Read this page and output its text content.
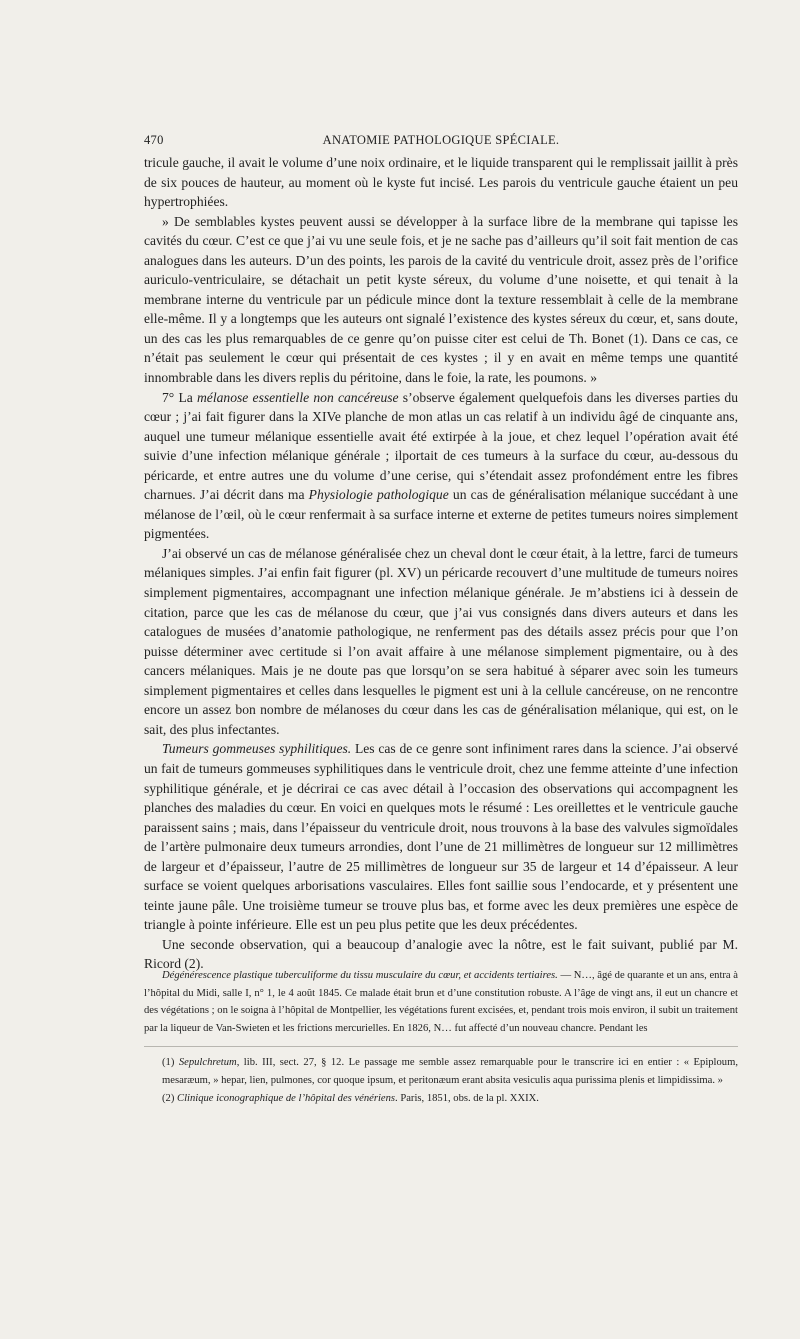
470	ANATOMIE PATHOLOGIQUE SPÉCIALE.

tricule gauche, il avait le volume d’une noix ordinaire, et le liquide transparent qui le remplissait jaillit à près de six pouces de hauteur, au moment où le kyste fut incisé. Les parois du ventricule gauche étaient un peu hypertrophiées.

» De semblables kystes peuvent aussi se développer à la surface libre de la membrane qui tapisse les cavités du cœur. C’est ce que j’ai vu une seule fois, et je ne sache pas d’ailleurs qu’il soit fait mention de cas analogues dans les auteurs. D’un des points, les parois de la cavité du ventricule droit, assez près de l’orifice auriculo-ventriculaire, se détachait un petit kyste séreux, du volume d’une noisette, et qui tenait à la membrane interne du ventricule par un pédicule mince dont la texture ressemblait à celle de la membrane elle-même. Il y a longtemps que les auteurs ont signalé l’existence des kystes séreux du cœur, et, sans doute, un des cas les plus remarquables de ce genre qu’on puisse citer est celui de Th. Bonet (1). Dans ce cas, ce n’était pas seulement le cœur qui présentait de ces kystes ; il y en avait en même temps une quantité innombrable dans les divers replis du péritoine, dans le foie, la rate, les poumons. »

7° La mélanose essentielle non cancéreuse s’observe également quelquefois dans les diverses parties du cœur ; j’ai fait figurer dans la XIVe planche de mon atlas un cas relatif à un individu âgé de cinquante ans, auquel une tumeur mélanique essentielle avait été extirpée à la joue, et chez lequel l’opération avait été suivie d’une infection mélanique générale ; ilportait de ces tumeurs à la surface du cœur, au-dessous du péricarde, et entre autres une du volume d’une cerise, qui s’étendait assez profondément entre les fibres charnues. J’ai décrit dans ma Physiologie pathologique un cas de généralisation mélanique succédant à une mélanose de l’œil, où le cœur renfermait à sa surface interne et externe de petites tumeurs noires simplement pigmentées.

J’ai observé un cas de mélanose généralisée chez un cheval dont le cœur était, à la lettre, farci de tumeurs mélaniques simples. J’ai enfin fait figurer (pl. XV) un péricarde recouvert d’une multitude de tumeurs noires simplement pigmentaires, accompagnant une infection mélanique générale. Je m’abstiens ici à dessein de citation, parce que les cas de mélanose du cœur, que j’ai vus consignés dans divers auteurs et dans les catalogues de musées d’anatomie pathologique, ne renferment pas des détails assez précis pour que l’on puisse déterminer avec certitude si l’on avait affaire à une mélanose simplement pigmentaire, ou à des cancers mélaniques. Mais je ne doute pas que lorsqu’on se sera habitué à séparer avec soin les tumeurs simplement pigmentaires et celles dans lesquelles le pigment est uni à la cellule cancéreuse, on ne rencontre encore un assez bon nombre de mélanoses du cœur dans les cas de généralisation mélanique, qui est, on le sait, des plus infectantes.

Tumeurs gommeuses syphilitiques. Les cas de ce genre sont infiniment rares dans la science. J’ai observé un fait de tumeurs gommeuses syphilitiques dans le ventricule droit, chez une femme atteinte d’une infection syphilitique générale, et je décrirai ce cas avec détail à l’occasion des observations qui accompagnent les planches des maladies du cœur. En voici en quelques mots le résumé : Les oreillettes et le ventricule gauche paraissent sains ; mais, dans l’épaisseur du ventricule droit, nous trouvons à la base des valvules sigmoïdales de l’artère pulmonaire deux tumeurs arrondies, dont l’une de 21 millimètres de longueur sur 12 millimètres de largeur et d’épaisseur, l’autre de 25 millimètres de longueur sur 35 de largeur et 14 d’épaisseur. A leur surface se voient quelques arborisations vasculaires. Elles font saillie sous l’endocarde, et y présentent une teinte jaune pâle. Une troisième tumeur se trouve plus bas, et forme avec les deux premières une espèce de triangle à pointe inférieure. Elle est un peu plus petite que les deux précédentes.

Une seconde observation, qui a beaucoup d’analogie avec la nôtre, est le fait suivant, publié par M. Ricord (2).

Dégénérescence plastique tuberculiforme du tissu musculaire du cœur, et accidents tertiaires. — N…, âgé de quarante et un ans, entra à l’hôpital du Midi, salle I, n° 1, le 4 août 1845. Ce malade était brun et d’une constitution robuste. A l’âge de vingt ans, il eut un chancre et des végétations ; on le soigna à l’hôpital de Montpellier, les végétations furent excisées, et, pendant trois mois environ, il subit un traitement par la liqueur de Van-Swieten et les frictions mercurielles. En 1826, N… fut affecté d’un nouveau chancre. Pendant les

(1) Sepulchretum, lib. III, sect. 27, § 12. Le passage me semble assez remarquable pour le transcrire ici en entier : « Epiploum, mesaræum, » hepar, lien, pulmones, cor quoque ipsum, et peritonæum erant absita vesiculis aqua purissima plenis et limpidissima. »

(2) Clinique iconographique de l’hôpital des vénériens. Paris, 1851, obs. de la pl. XXIX.
